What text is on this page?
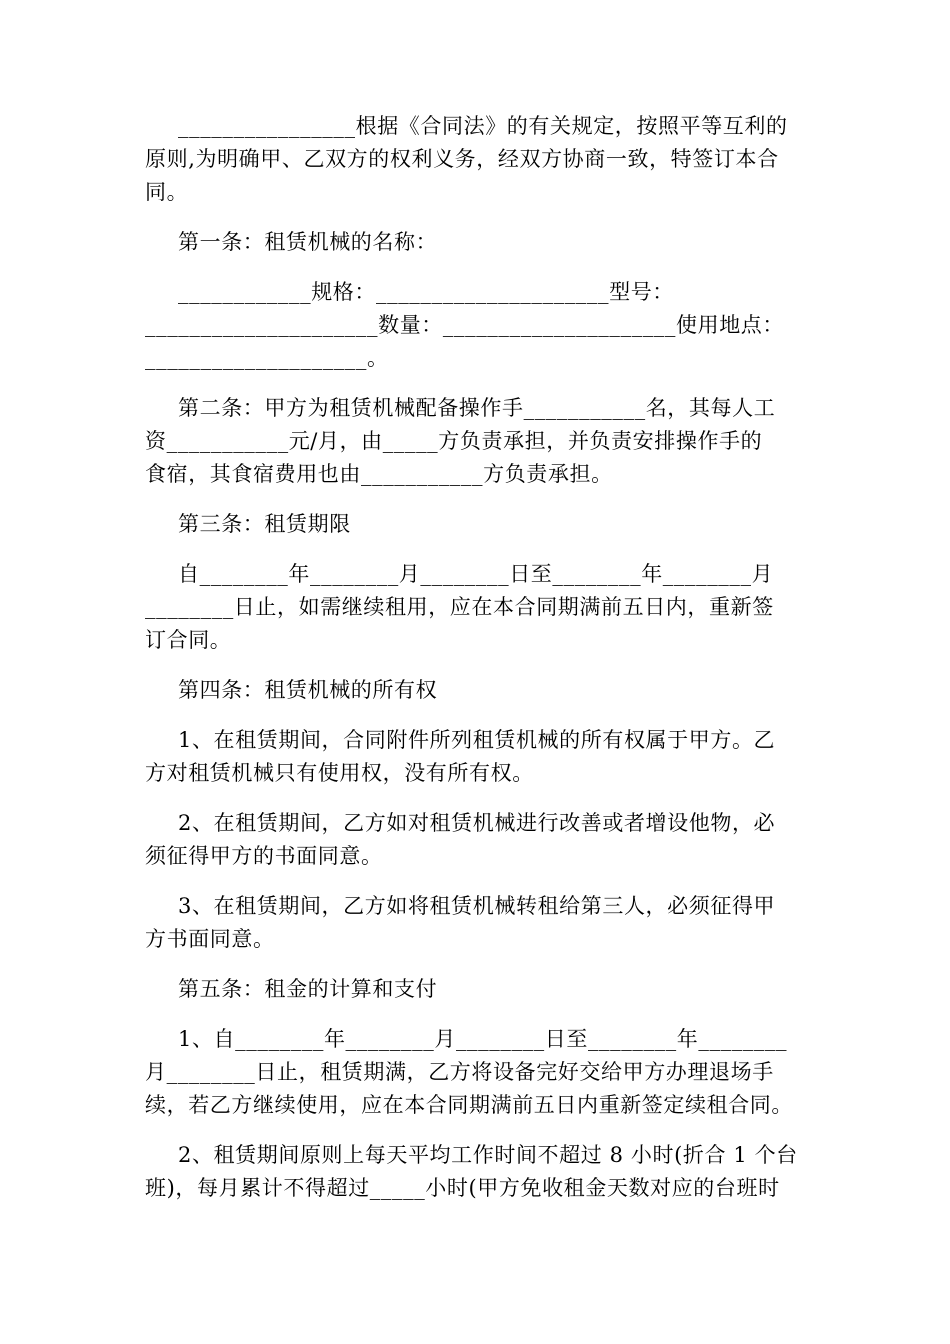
________________根据《合同法》的有关规定，按照平等互利的
原则,为明确甲、乙双方的权利义务，经双方协商一致，特签订本合
同。
第一条：租赁机械的名称：
____________规格：_____________________型号：
_____________________数量：_____________________使用地点：
____________________。
第二条：甲方为租赁机械配备操作手___________名，其每人工
资___________元/月，由_____方负责承担，并负责安排操作手的
食宿，其食宿费用也由___________方负责承担。
第三条：租赁期限
自________年________月________日至________年________月
________日止，如需继续租用，应在本合同期满前五日内，重新签
订合同。
第四条：租赁机械的所有权
1、在租赁期间，合同附件所列租赁机械的所有权属于甲方。乙
方对租赁机械只有使用权，没有所有权。
2、在租赁期间，乙方如对租赁机械进行改善或者增设他物，必
须征得甲方的书面同意。
3、在租赁期间，乙方如将租赁机械转租给第三人，必须征得甲
方书面同意。
第五条：租金的计算和支付
1、自________年________月________日至________年________
月________日止，租赁期满，乙方将设备完好交给甲方办理退场手
续，若乙方继续使用，应在本合同期满前五日内重新签定续租合同。
2、租赁期间原则上每天平均工作时间不超过 8 小时(折合 1 个台
班)，每月累计不得超过_____小时(甲方免收租金天数对应的台班时
